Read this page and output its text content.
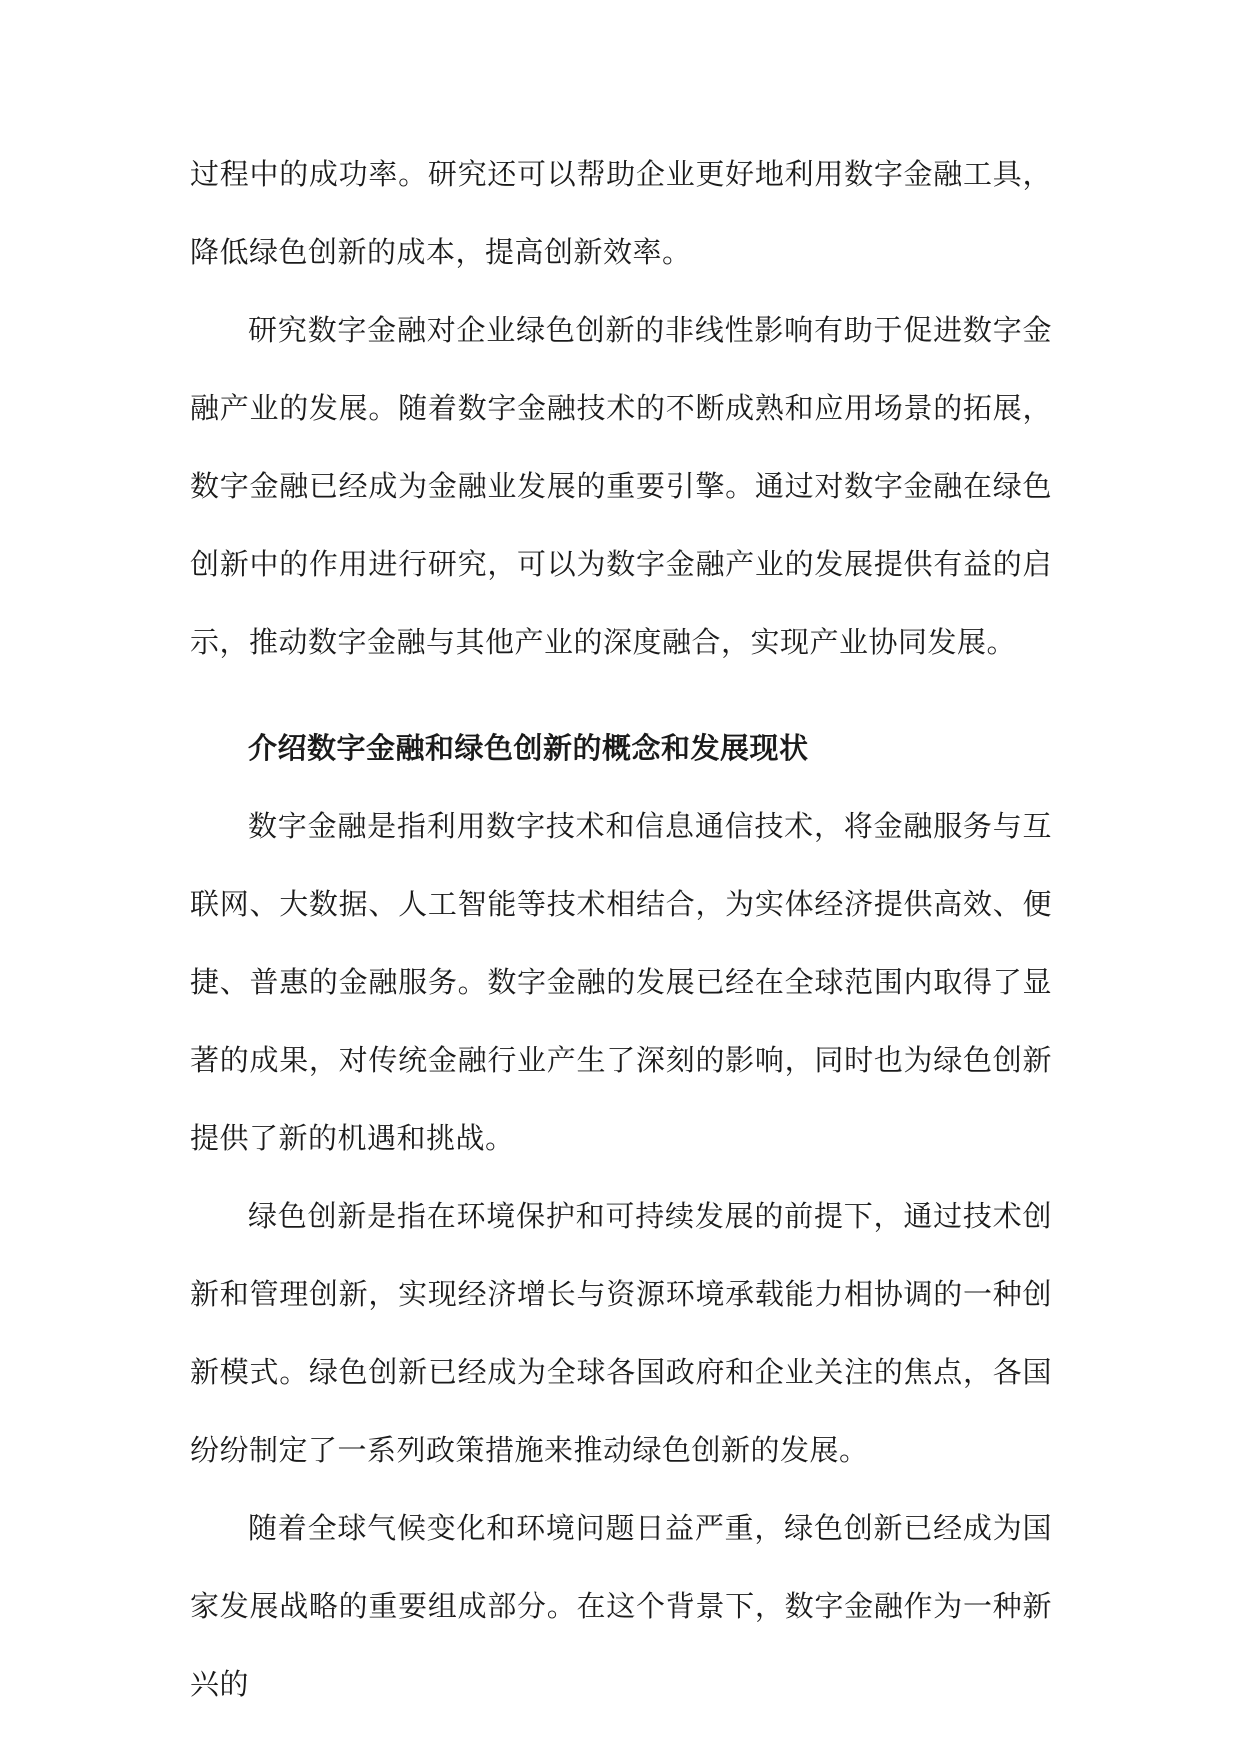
过程中的成功率。研究还可以帮助企业更好地利用数字金融工具，降低绿色创新的成本，提高创新效率。

研究数字金融对企业绿色创新的非线性影响有助于促进数字金融产业的发展。随着数字金融技术的不断成熟和应用场景的拓展，数字金融已经成为金融业发展的重要引擎。通过对数字金融在绿色创新中的作用进行研究，可以为数字金融产业的发展提供有益的启示，推动数字金融与其他产业的深度融合，实现产业协同发展。

介绍数字金融和绿色创新的概念和发展现状

数字金融是指利用数字技术和信息通信技术，将金融服务与互联网、大数据、人工智能等技术相结合，为实体经济提供高效、便捷、普惠的金融服务。数字金融的发展已经在全球范围内取得了显著的成果，对传统金融行业产生了深刻的影响，同时也为绿色创新提供了新的机遇和挑战。

绿色创新是指在环境保护和可持续发展的前提下，通过技术创新和管理创新，实现经济增长与资源环境承载能力相协调的一种创新模式。绿色创新已经成为全球各国政府和企业关注的焦点，各国纷纷制定了一系列政策措施来推动绿色创新的发展。

随着全球气候变化和环境问题日益严重，绿色创新已经成为国家发展战略的重要组成部分。在这个背景下，数字金融作为一种新兴的
